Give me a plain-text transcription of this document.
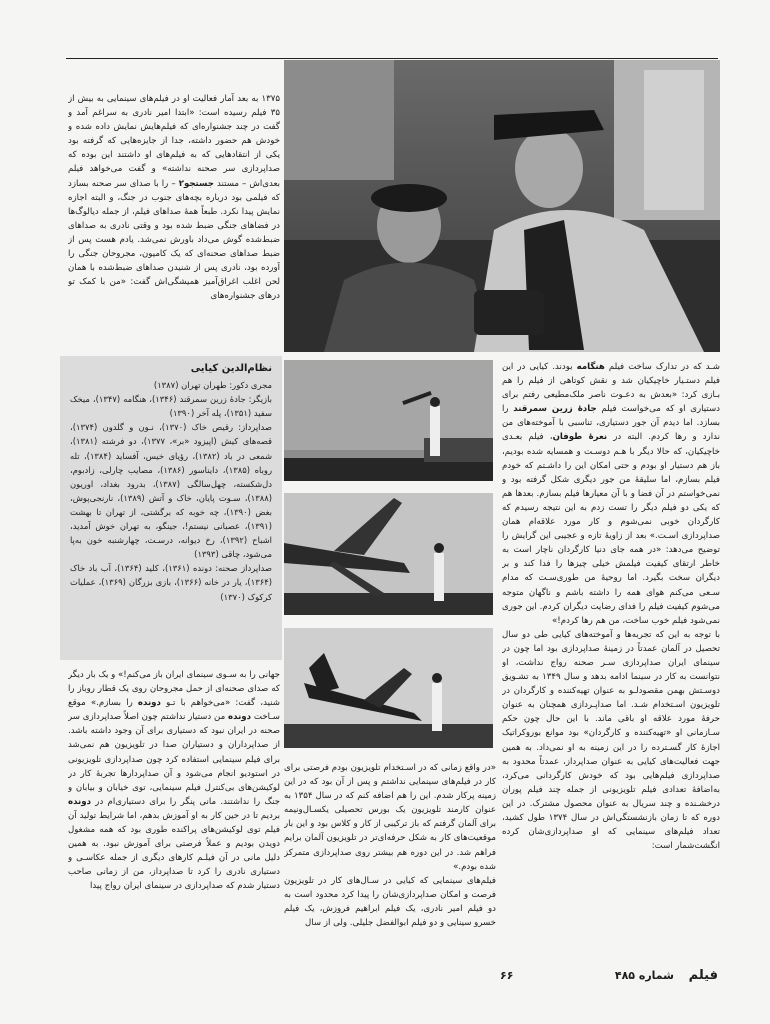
۱۳۷۵ به بعد آمار فعالیت او در فیلم‌های سینمایی به بیش از ۳۵ فیلم رسیده است: «ابتدا امیر نادری به سراغم آمد و گفت در چند جشنواره‌ای که فیلم‌هایش نمایش داده شده و خودش هم حضور داشته، جدا از جایزه‌هایی که گرفته بود یکی از انتقادهایی که به فیلم‌های او داشتند این بوده که صداپردازی سر صحنه نداشته» و گفت می‌خواهد فیلم بعدی‌اش – مستند جستجو۲ – را با صدای سر صحنه بسازد که فیلمی بود درباره بچه‌های جنوب در جنگ، و البته اجازه نمایش پیدا نکرد. طبعاً همهٔ صداهای فیلم، از جمله دیالوگ‌ها در فضاهای جنگی ضبط شده بود و وقتی نادری به صداهای ضبط‌شده گوش می‌داد باورش نمی‌شد. یادم هست پس از ضبط صداهای صحنه‌ای که یک کامیون، مجروحان جنگی را آورده بود، نادری پس از شنیدن صداهای ضبط‌شده با همان لحن اغلب اغراق‌آمیز همیشگی‌اش گفت: «من با کمک تو در‌های جشنواره‌های

نظام‌الدین کیایی

مجری دکور: طهران تهران (۱۳۸۷)

بازیگر: جادهٔ زرین سمرقند (۱۳۴۶)، هنگامه (۱۳۴۷)، میخک سفید (۱۳۵۱)، پله آخر (۱۳۹۰)

صداپرداز: رقیص خاک (۱۳۷۰)، نـون و گلدون (۱۳۷۴)، قصه‌های کیش (اپیزود «بر»، ۱۳۷۷)، دو فرشته (۱۳۸۱)، شمعی در باد (۱۳۸۲)، رؤیای خیس، آفساید (۱۳۸۴)، تله روباه (۱۳۸۵)، دایناسور (۱۳۸۶)، مصایب چارلی، زادبوم، دل‌شکسته، چهل‌سالگی (۱۳۸۷)، بدرود بغداد، اوریون (۱۳۸۸)، سـوت پایان، خاک و آتش (۱۳۸۹)، نارنجی‌پوش، بغض (۱۳۹۰)، چه خوبه که برگشتی، از تهران تا بهشت (۱۳۹۱)، عصبانی نیستم!، جینگو، به تهران خوش آمدید، اشباح (۱۳۹۲)، رخ دیوانه، درسـت، چهارشنبه خون به‌پا می‌شود، چاقی (۱۳۹۳)

صداپرداز صحنه: دونده (۱۳۶۱)، کلید (۱۳۶۴)، آب باد خاک (۱۳۶۴)، یار در خانه (۱۳۶۶)، بازی بزرگان (۱۳۶۹)، عملیات کرکوک (۱۳۷۰)

جهانی را به سـوی سینمای ایران باز می‌کنم!» و یک بار دیگر که صدای صحنه‌ای از حمل مجروحان روی یک قطار روباز را شنید، گفت: «می‌خواهم با تـو دونده را بسازم.» موقع سـاخت دونده من دستیار نداشتم چون اصلاً صداپردازی سر صحنه در ایران نبود که دستیاری برای آن وجود داشته باشد. از صداپرداران و دستیاران صدا در تلویزیون هم نمی‌شد برای فیلم سینمایی استفاده کرد چون صداپردازی تلویزیونی در استودیو انجام می‌شود و آن صداپردارها تجربهٔ کار در لوکیشن‌های بی‌کنترل فیلم سینمایی، توی خیابان و بیابان و جنگ را نداشتند. مانی پنگر را برای دستیاری‌ام در دونده بردیم تا در حین کار به او آموزش بدهم، اما شرایط تولید آن فیلم توی لوکیشن‌های پراکنده طوری بود که همه مشغول دویدن بودیم و عملاً فرصتی برای آموزش نبود. به همین دلیل مانی در آن فیلـم کارهای دیگری از جمله عکاسـی و دستیاری نادری را کرد تا صداپرداز، من از زمانی صاحب دستیار شدم که صداپردازی در سینمای ایران رواج پیدا

شـد که در تدارک ساخت فیلم هنگامه بودند. کیایی در این فیلم دستـیار خاچیکیان شد و نقش کوتاهی از فیلم را هم بـازی کرد: «بعدش به دعـوت ناصر ملک‌مطیعی رفتم برای دستیاری او که می‌خواست فیلم جادهٔ زرین سمرقند را بسازد. اما دیدم آن جور دستیاری، تناسبی با آموخته‌های من ندارد و رها کردم. البته در نعرهٔ طوفان، فیلم بعـدی خاچیکیان، که حالا دیگر با هـم دوسـت و همسایه شده بودیم، باز هم دستیار او بودم و حتی امکان این را داشـتم که خودم فیلم بسازم، اما سلیقهٔ من جور دیگری شکل گرفته بود و نمی‌خواستم در آن فضا و با آن معیارها فیلم بسازم. بعدها هم که یکی دو فیلم دیگر را تست زدم به این نتیجه رسیدم که کارگردان خوبی نمی‌شوم و کار مورد علاقه‌ام همان صداپردازی اسـت.» بعد از زاویهٔ تازه و عجیبی این گرایش را توضیح می‌دهد: «در همه جای دنیا کارگردان ناچار است به خاطر ارتقای کیفیت فیلمش خیلی چیزها را فدا کند و بر دیگران سخت بگیرد. اما روحیهٔ من طوری‌سـت که مدام سـعی می‌کنم هوای همه را داشته باشم و ناگهان متوجه می‌شوم کیفیت فیلم را فدای رضایت دیگران کردم. این جوری نمی‌شود فیلم خوب ساخت، من هم رها کردم!»

با توجه به این که تجربه‌ها و آموخته‌های کیایی طی دو سال تحصیل در آلمان عمدتاً در زمینهٔ صداپردازی بود اما چون در سینمای ایران صداپردازی سـر صحنه رواج نداشت، او نتوانست به کار در سینما ادامه بدهد و سال ۱۳۴۹ به تشـویق دوسـتش بهمن مقصودلـو به عنوان تهیه‌کننده و کارگردان در تلویزیون اسـتخدام شـد. اما صداپـردازی همچنان به عنوان حرفهٔ مورد علاقه او باقی ماند. با این حال چون حکم سـازمانی او «تهیه‌کننده و کارگردان» بود موانع بوروکراتیک اجازهٔ کار گسـترده را در این زمینه به او نمی‌داد. به همین جهت فعالیت‌های کیایی به عنوان صداپرداز، عمدتاً محدود به صداپردازی فیلم‌هایی بود که خودش کارگردانی می‌کرد، به‌اضافهٔ تعدادی فیلم تلویزیونی از جمله چند فیلم پوران درخشـنده و چند سریال به عنوان محصول مشترک. در این دوره که تا زمان بازنشستگی‌اش در سال ۱۳۷۴ طول کشید، تعداد فیلم‌های سینمایی که او صداپردازی‌شان کرده انگشت‌شمار است:

«در واقع زمانی که در اسـتخدام تلویزیون بودم فرصتی برای کار در فیلم‌های سینمایی نداشتم و پس از آن بود که در این زمینه پرکار شدم. این را هم اضافه کنم که در سال ۱۳۵۴ به عنوان کارمند تلویزیون یک بورس تحصیلی یکسـال‌ونیمه برای آلمان گرفتم که باز ترکیبی از کار و کلاس بود و این بار موقعیت‌های کار به شکل حرفه‌ای‌تر در تلویزیون آلمان برایم فراهم شد. در این دوره هم بیشتر روی صداپردازی متمرکز شده بودم.»

فیلم‌های سینمایی که کیایی در سـال‌های کار در تلویزیون فرصت و امکان صداپردازی‌شان را پیدا کرد محدود است به دو فیلم امیر نادری، یک فیلم ابراهیم فروزش، یک فیلم خسرو سینایی و دو فیلم ابوالفضل جلیلی. ولی از سال

فیلم
شماره ۴۸۵
۶۶
